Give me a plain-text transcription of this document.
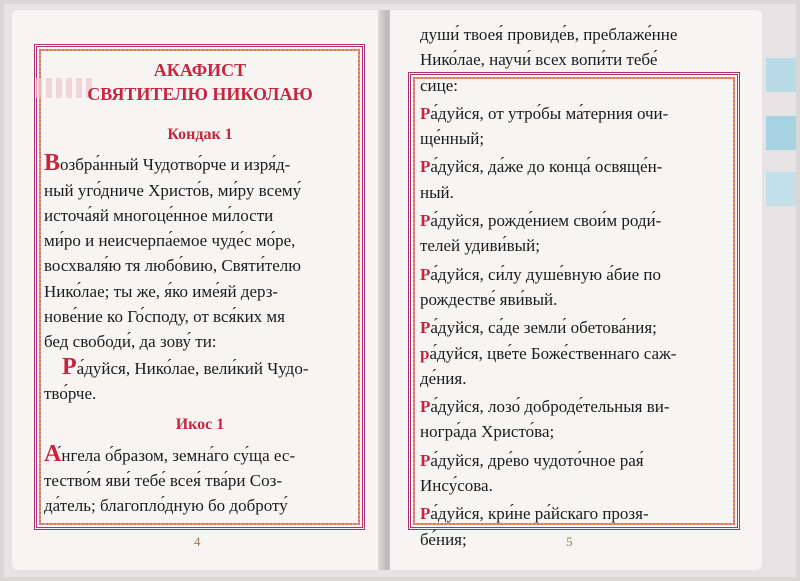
АКАФИСТ
СВЯТИТЕЛЮ НИКОЛАЮ
Кондак 1

Возбра́нный Чудотво́рче и изря́д-
ный уго́дниче Христо́в, ми́ру всему́
источа́яй многоце́нное ми́лости
ми́ро и неисчерпа́емое чуде́с мо́ре,
восхваля́ю тя любо́вию, Святи́телю
Нико́лае; ты же, я́ко име́яй дерз-
нове́ние ко Го́споду, от вся́ких мя
бед свободи́, да зову́ ти:

Ра́дуйся, Нико́лае, вели́кий Чудо-
тво́рче.

Икос 1

А́нгела о́бразом, земна́го су́ща ес-
тество́м яви́ тебе́ всея́ тва́ри Соз-
да́тель; благопло́дную бо доброту́

4

души́ твоея́ провиде́в, преблаже́нне
Нико́лае, научи́ всех вопи́ти тебе́
сице:

Ра́дуйся, от утро́бы ма́терния очи-
ще́нный;

Ра́дуйся, да́же до конца́ освяще́н-
ный.

Ра́дуйся, рожде́нием свои́м роди́-
телей удиви́вый;

Ра́дуйся, си́лу душе́вную а́бие по
рождестве́ яви́вый.

Ра́дуйся, са́де земли́ обетова́ния;

ра́дуйся, цве́те Боже́ственнаго саж-
де́ния.

Ра́дуйся, лозо́ доброде́тельныя ви-
ногра́да Христо́ва;

Ра́дуйся, дре́во чудото́чное рая́
Инсу́сова.

Ра́дуйся, кри́не ра́йскаго прозя-
бе́ния;	5
